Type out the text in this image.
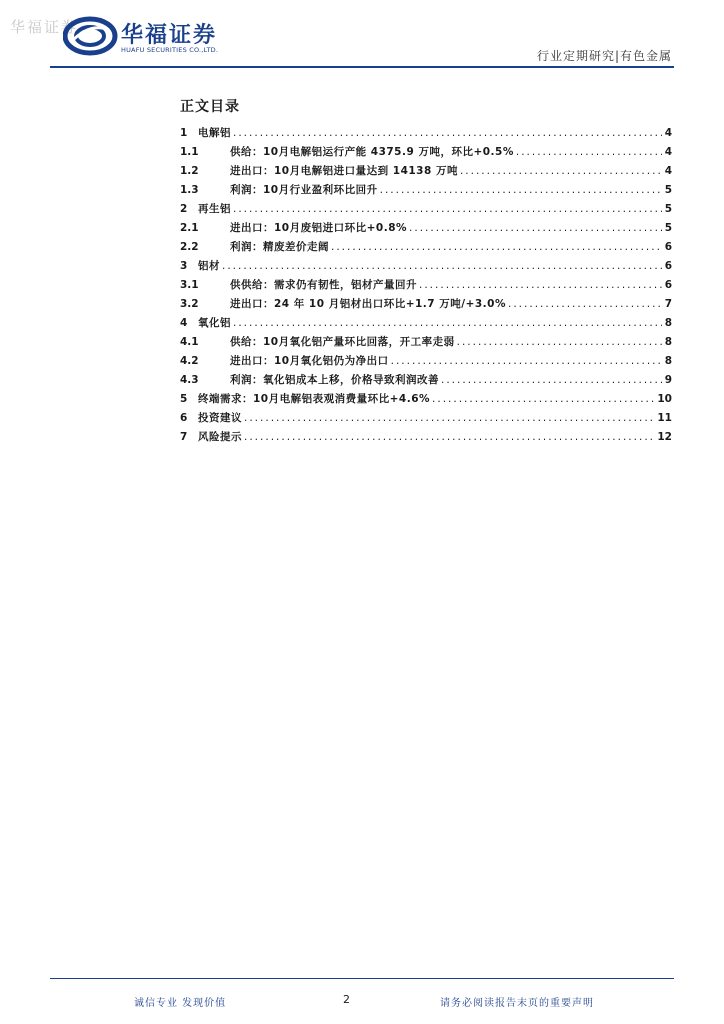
华福证券 华福证券
HUAFU SECURITIES CO.,LTD.	行业定期研究|有色金属
正文目录
1	电解铝 .....	4
1.1	供给：10月电解铝运行产能 4375.9 万吨，环比+0.5% .....	4
1.2	进出口：10月电解铝进口量达到 14138 万吨 .....	4
1.3	利润：10月行业盈利环比回升 .....	5
2	再生铝 .....	5
2.1	进出口：10月废铝进口环比+0.8% .....	5
2.2	利润：精废差价走阔 .....	6
3	铝材 .....	6
3.1	供供给：需求仍有韧性，铝材产量回升 .....	6
3.2	进出口：24 年 10 月铝材出口环比+1.7 万吨/+3.0% .....	7
4	氧化铝 .....	8
4.1	供给：10月氧化铝产量环比回落，开工率走弱 .....	8
4.2	进出口：10月氧化铝仍为净出口 .....	8
4.3	利润：氧化铝成本上移，价格导致利润改善 .....	9
5	终端需求：10月电解铝表观消费量环比+4.6% .....	10
6	投资建议 .....	11
7	风险提示 .....	12
诚信专业 发现价值	2	请务必阅读报告末页的重要声明
